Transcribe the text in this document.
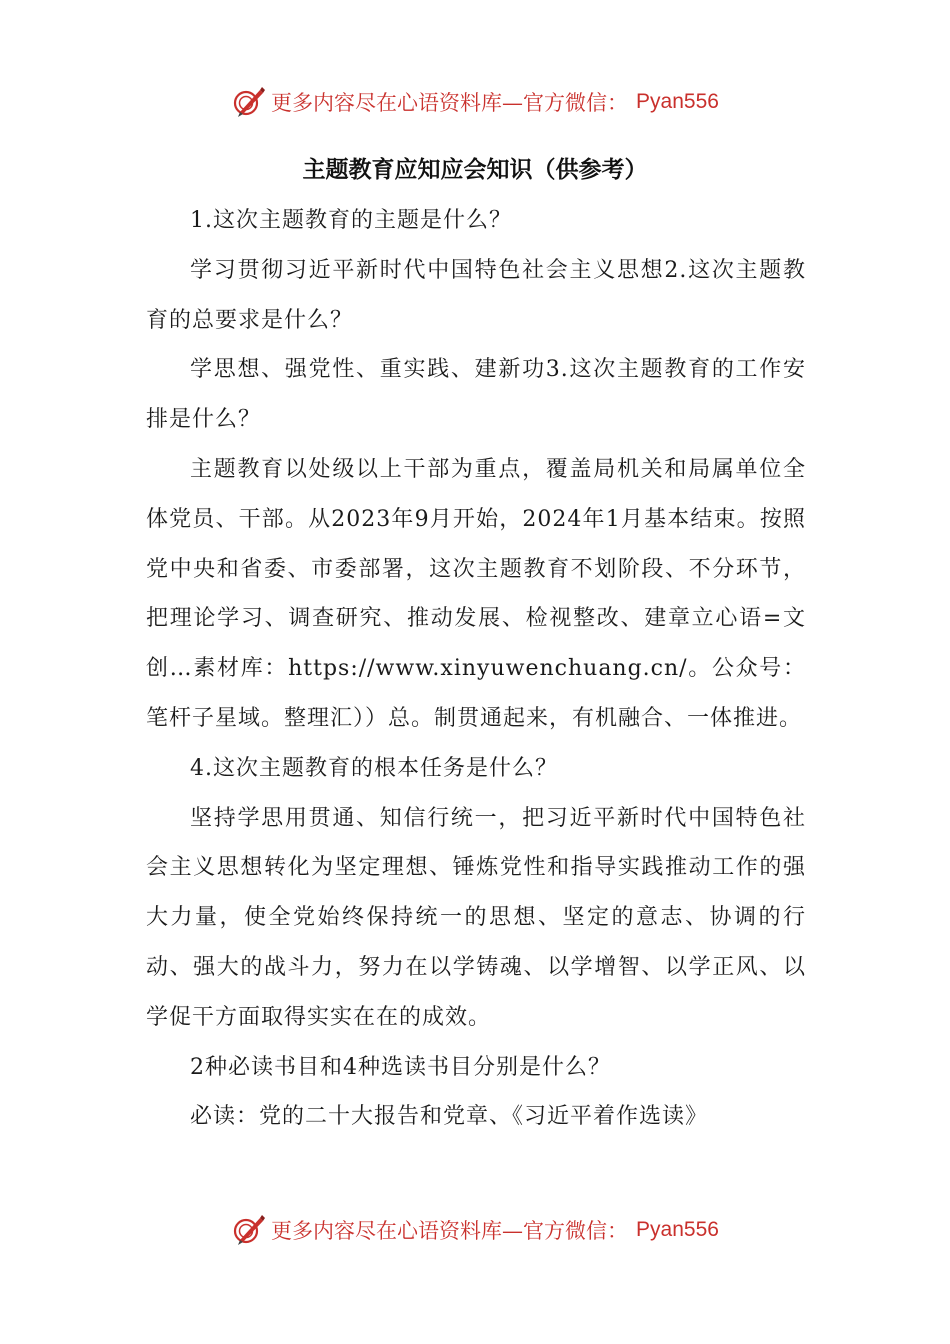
更多内容尽在心语资料库—官方微信： Pyan556
主题教育应知应会知识（供参考）

1.这次主题教育的主题是什么？

学习贯彻习近平新时代中国特色社会主义思想2.这次主题教育的总要求是什么？

学思想、强党性、重实践、建新功3.这次主题教育的工作安排是什么？

主题教育以处级以上干部为重点，覆盖局机关和局属单位全体党员、干部。从2023年9月开始，2024年1月基本结束。按照党中央和省委、市委部署，这次主题教育不划阶段、不分环节，把理论学习、调查研究、推动发展、检视整改、建章立心语=文创…素材库：https://www.xinyuwenchuang.cn/。公众号：笔杆子星域。整理汇））总。制贯通起来，有机融合、一体推进。

4.这次主题教育的根本任务是什么？

坚持学思用贯通、知信行统一，把习近平新时代中国特色社会主义思想转化为坚定理想、锤炼党性和指导实践推动工作的强大力量，使全党始终保持统一的思想、坚定的意志、协调的行动、强大的战斗力，努力在以学铸魂、以学增智、以学正风、以学促干方面取得实实在在的成效。

2种必读书目和4种选读书目分别是什么？

必读：党的二十大报告和党章、《习近平着作选读》

更多内容尽在心语资料库—官方微信： Pyan556
